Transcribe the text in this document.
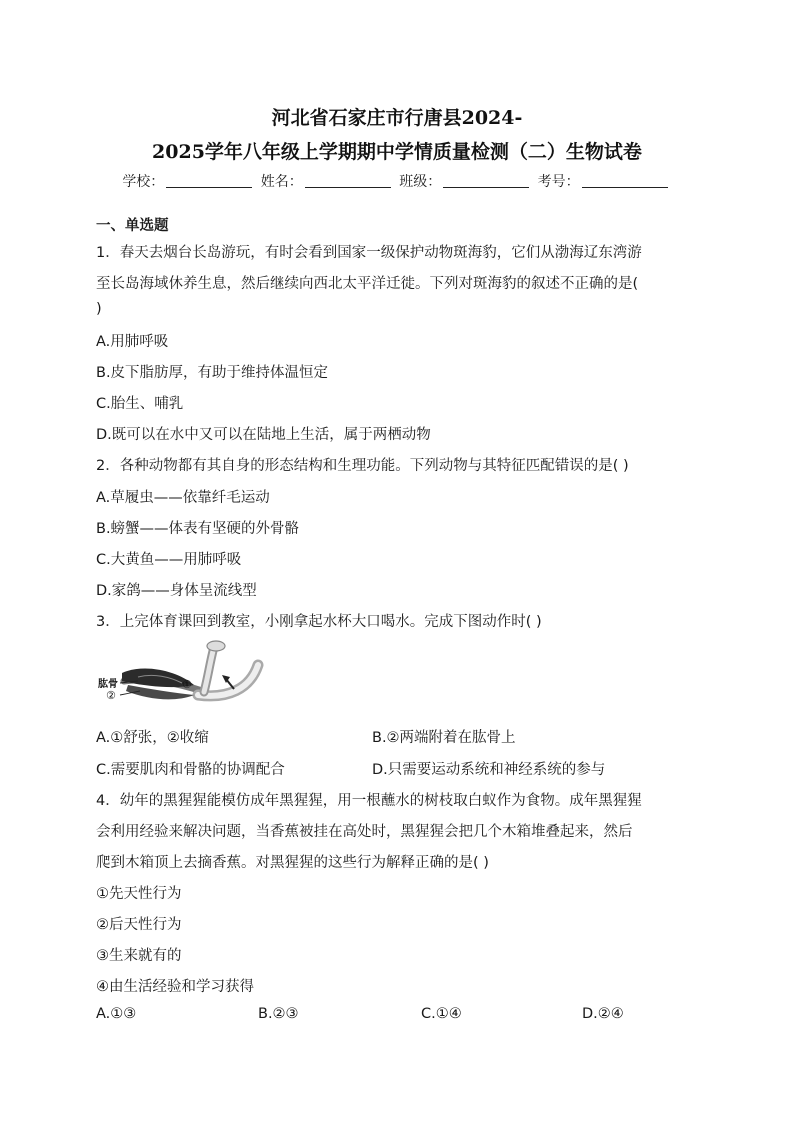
河北省石家庄市行唐县2024-
2025学年八年级上学期期中学情质量检测（二）生物试卷
学校：	姓名：	班级：	考号：
一、单选题
1．春天去烟台长岛游玩，有时会看到国家一级保护动物斑海豹，它们从渤海辽东湾游
至长岛海域休养生息，然后继续向西北太平洋迁徙。下列对斑海豹的叙述不正确的是(
)
A.用肺呼吸
B.皮下脂肪厚，有助于维持体温恒定
C.胎生、哺乳
D.既可以在水中又可以在陆地上生活，属于两栖动物
2．各种动物都有其自身的形态结构和生理功能。下列动物与其特征匹配错误的是( )
A.草履虫——依靠纤毛运动
B.螃蟹——体表有坚硬的外骨骼
C.大黄鱼——用肺呼吸
D.家鸽——身体呈流线型
3．上完体育课回到教室，小刚拿起水杯大口喝水。完成下图动作时( )
肱骨
②
①
A.①舒张，②收缩	B.②两端附着在肱骨上
C.需要肌肉和骨骼的协调配合	D.只需要运动系统和神经系统的参与
4．幼年的黑猩猩能模仿成年黑猩猩，用一根蘸水的树枝取白蚁作为食物。成年黑猩猩
会利用经验来解决问题，当香蕉被挂在高处时，黑猩猩会把几个木箱堆叠起来，然后
爬到木箱顶上去摘香蕉。对黑猩猩的这些行为解释正确的是( )
①先天性行为
②后天性行为
③生来就有的
④由生活经验和学习获得
A.①③	B.②③	C.①④	D.②④
